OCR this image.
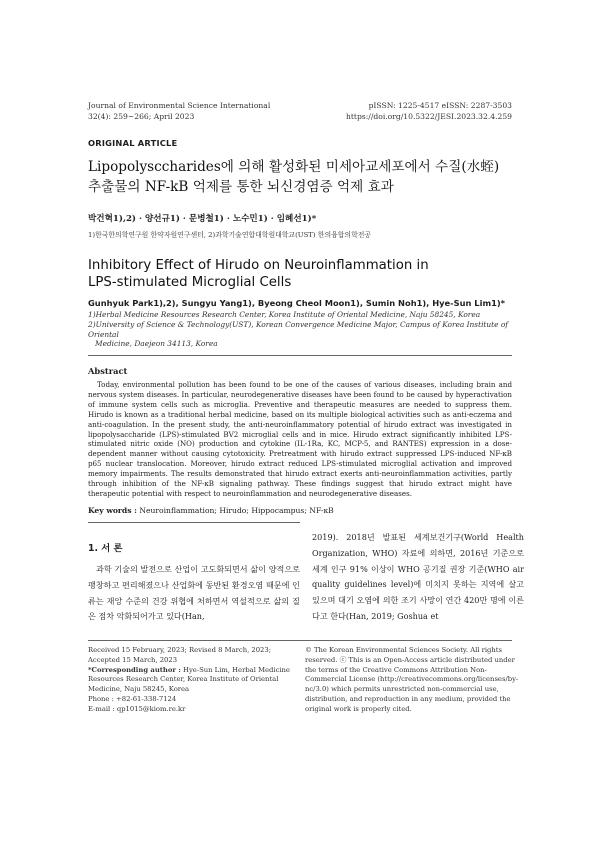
Journal of Environmental Science International
32(4): 259~266; April 2023
pISSN: 1225-4517 eISSN: 2287-3503
https://doi.org/10.5322/JESI.2023.32.4.259
ORIGINAL ARTICLE
Lipopolysccharides에 의해 활성화된 미세아교세포에서 수질(水蛭)
추출물의 NF-kB 억제를 통한 뇌신경염증 억제 효과
박건혁1),2) · 양선규1) · 문병철1) · 노수민1) · 임혜선1)*
1)한국한의학연구원 한약자원연구센터, 2)과학기술연합대학원대학교(UST) 한의융합의학전공
Inhibitory Effect of Hirudo on Neuroinflammation in
LPS-stimulated Microglial Cells
Gunhyuk Park1),2), Sungyu Yang1), Byeong Cheol Moon1), Sumin Noh1), Hye-Sun Lim1)*
1)Herbal Medicine Resources Research Center, Korea Institute of Oriental Medicine, Naju 58245, Korea
2)University of Science & Technology(UST), Korean Convergence Medicine Major, Campus of Korea Institute of Oriental
Medicine, Daejeon 34113, Korea
Abstract
Today, environmental pollution has been found to be one of the causes of various diseases, including brain and nervous system diseases. In particular, neurodegenerative diseases have been found to be caused by hyperactivation of immune system cells such as microglia. Preventive and therapeutic measures are needed to suppress them. Hirudo is known as a traditional herbal medicine, based on its multiple biological activities such as anti-eczema and anti-coagulation. In the present study, the anti-neuroinflammatory potential of hirudo extract was investigated in lipopolysaccharide (LPS)-stimulated BV2 microglial cells and in mice. Hirudo extract significantly inhibited LPS-stimulated nitric oxide (NO) production and cytokine (IL-1Ra, KC, MCP-5, and RANTES) expression in a dose-dependent manner without causing cytotoxicity. Pretreatment with hirudo extract suppressed LPS-induced NF-κB p65 nuclear translocation. Moreover, hirudo extract reduced LPS-stimulated microglial activation and improved memory impairments. The results demonstrated that hirudo extract exerts anti-neuroinflammation activities, partly through inhibition of the NF-κB signaling pathway. These findings suggest that hirudo extract might have therapeutic potential with respect to neuroinflammation and neurodegenerative diseases.
Key words : Neuroinflammation; Hirudo; Hippocampus; NF-κB
1. 서 론
과학 기술의 발전으로 산업이 고도화되면서 삶이 양적으로 팽창하고 편리해졌으나 산업화에 동반된 환경오염 때문에 인류는 재앙 수준의 건강 위협에 처하면서 역설적으로 삶의 질은 점차 악화되어가고 있다(Han,
2019). 2018년 발표된 세계보건기구(World Health Organization, WHO) 자료에 의하면, 2016년 기준으로 세계 인구 91% 이상이 WHO 공기질 권장 기준(WHO air quality guidelines level)에 미치지 못하는 지역에 살고 있으며 대기 오염에 의한 조기 사망이 연간 420만 명에 이른다고 한다(Han, 2019; Goshua et
Received 15 February, 2023; Revised 8 March, 2023;
Accepted 15 March, 2023
*Corresponding author : Hye-Sun Lim, Herbal Medicine Resources Research Center, Korea Institute of Oriental Medicine, Naju 58245, Korea
Phone : +82-61-338-7124
E-mail : qp1015@kiom.re.kr
© The Korean Environmental Sciences Society. All rights reserved. ⓒ This is an Open-Access article distributed under the terms of the Creative Commons Attribution Non-Commercial License (http://creativecommons.org/licenses/by-nc/3.0) which permits unrestricted non-commercial use, distribution, and reproduction in any medium, provided the original work is properly cited.
